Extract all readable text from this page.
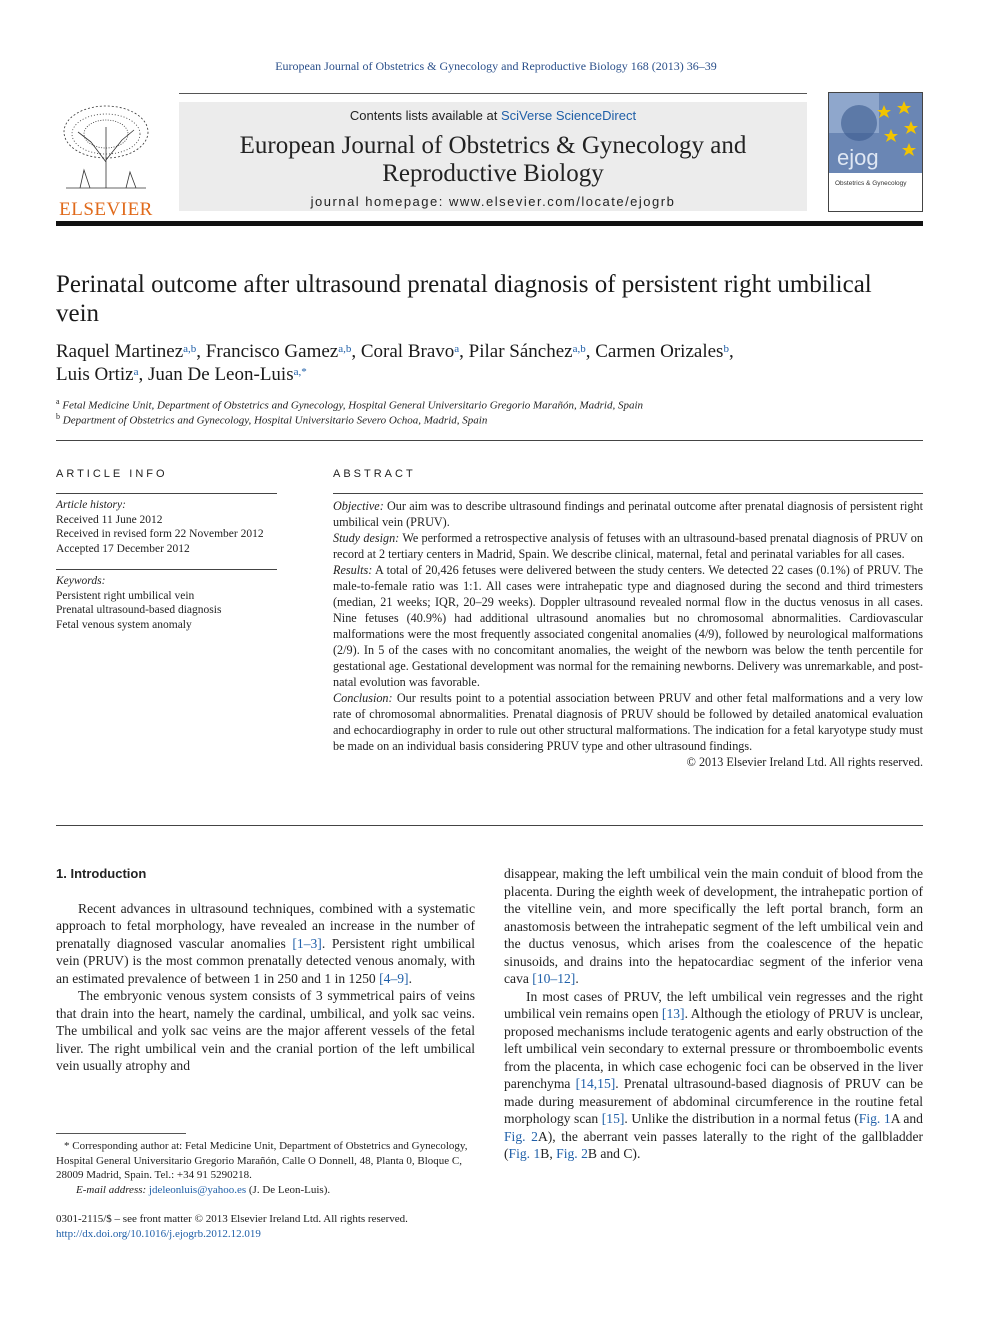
European Journal of Obstetrics & Gynecology and Reproductive Biology 168 (2013) 36–39
ELSEVIER
Contents lists available at SciVerse ScienceDirect
European Journal of Obstetrics & Gynecology and Reproductive Biology
journal homepage: www.elsevier.com/locate/ejogrb
ejog
Obstetrics & Gynecology
Perinatal outcome after ultrasound prenatal diagnosis of persistent right umbilical vein
Raquel Martinez$^{a,b}$, Francisco Gamez$^{a,b}$, Coral Bravo$^a$, Pilar Sánchez$^{a,b}$, Carmen Orizales$^b$,
Luis Ortiz$^a$, Juan De Leon-Luis$^{a,*}$
$^a$ Fetal Medicine Unit, Department of Obstetrics and Gynecology, Hospital General Universitario Gregorio Marañón, Madrid, Spain
$^b$ Department of Obstetrics and Gynecology, Hospital Universitario Severo Ochoa, Madrid, Spain
ARTICLE INFO
Article history:
Received 11 June 2012
Received in revised form 22 November 2012
Accepted 17 December 2012
Keywords:
Persistent right umbilical vein
Prenatal ultrasound-based diagnosis
Fetal venous system anomaly
ABSTRACT

Objective: Our aim was to describe ultrasound findings and perinatal outcome after prenatal diagnosis of persistent right umbilical vein (PRUV).

Study design: We performed a retrospective analysis of fetuses with an ultrasound-based prenatal diagnosis of PRUV on record at 2 tertiary centers in Madrid, Spain. We describe clinical, maternal, fetal and perinatal variables for all cases.

Results: A total of 20,426 fetuses were delivered between the study centers. We detected 22 cases (0.1%) of PRUV. The male-to-female ratio was 1:1. All cases were intrahepatic type and diagnosed during the second and third trimesters (median, 21 weeks; IQR, 20–29 weeks). Doppler ultrasound revealed normal flow in the ductus venosus in all cases. Nine fetuses (40.9%) had additional ultrasound anomalies but no chromosomal abnormalities. Cardiovascular malformations were the most frequently associated congenital anomalies (4/9), followed by neurological malformations (2/9). In 5 of the cases with no concomitant anomalies, the weight of the newborn was below the tenth percentile for gestational age. Gestational development was normal for the remaining newborns. Delivery was unremarkable, and post-natal evolution was favorable.

Conclusion: Our results point to a potential association between PRUV and other fetal malformations and a very low rate of chromosomal abnormalities. Prenatal diagnosis of PRUV should be followed by detailed anatomical evaluation and echocardiography in order to rule out other structural malformations. The indication for a fetal karyotype study must be made on an individual basis considering PRUV type and other ultrasound findings.

© 2013 Elsevier Ireland Ltd. All rights reserved.

1. Introduction

Recent advances in ultrasound techniques, combined with a systematic approach to fetal morphology, have revealed an increase in the number of prenatally diagnosed vascular anomalies [1–3]. Persistent right umbilical vein (PRUV) is the most common prenatally detected venous anomaly, with an estimated prevalence of between 1 in 250 and 1 in 1250 [4–9].

The embryonic venous system consists of 3 symmetrical pairs of veins that drain into the heart, namely the cardinal, umbilical, and yolk sac veins. The umbilical and yolk sac veins are the major afferent vessels of the fetal liver. The right umbilical vein and the cranial portion of the left umbilical vein usually atrophy and

disappear, making the left umbilical vein the main conduit of blood from the placenta. During the eighth week of development, the intrahepatic portion of the vitelline vein, and more specifically the left portal branch, form an anastomosis between the intrahepatic segment of the left umbilical vein and the ductus venosus, which arises from the coalescence of the hepatic sinusoids, and drains into the hepatocardiac segment of the inferior vena cava [10–12].

In most cases of PRUV, the left umbilical vein regresses and the right umbilical vein remains open [13]. Although the etiology of PRUV is unclear, proposed mechanisms include teratogenic agents and early obstruction of the left umbilical vein secondary to external pressure or thromboembolic events from the placenta, in which case echogenic foci can be observed in the liver parenchyma [14,15]. Prenatal ultrasound-based diagnosis of PRUV can be made during measurement of abdominal circumference in the routine fetal morphology scan [15]. Unlike the distribution in a normal fetus (Fig. 1A and Fig. 2A), the aberrant vein passes laterally to the right of the gallbladder (Fig. 1B, Fig. 2B and C).

* Corresponding author at: Fetal Medicine Unit, Department of Obstetrics and Gynecology, Hospital General Universitario Gregorio Marañón, Calle O Donnell, 48, Planta 0, Bloque C, 28009 Madrid, Spain. Tel.: +34 91 5290218.
E-mail address: jdeleonluis@yahoo.es (J. De Leon-Luis).
0301-2115/$ – see front matter © 2013 Elsevier Ireland Ltd. All rights reserved.
http://dx.doi.org/10.1016/j.ejogrb.2012.12.019
